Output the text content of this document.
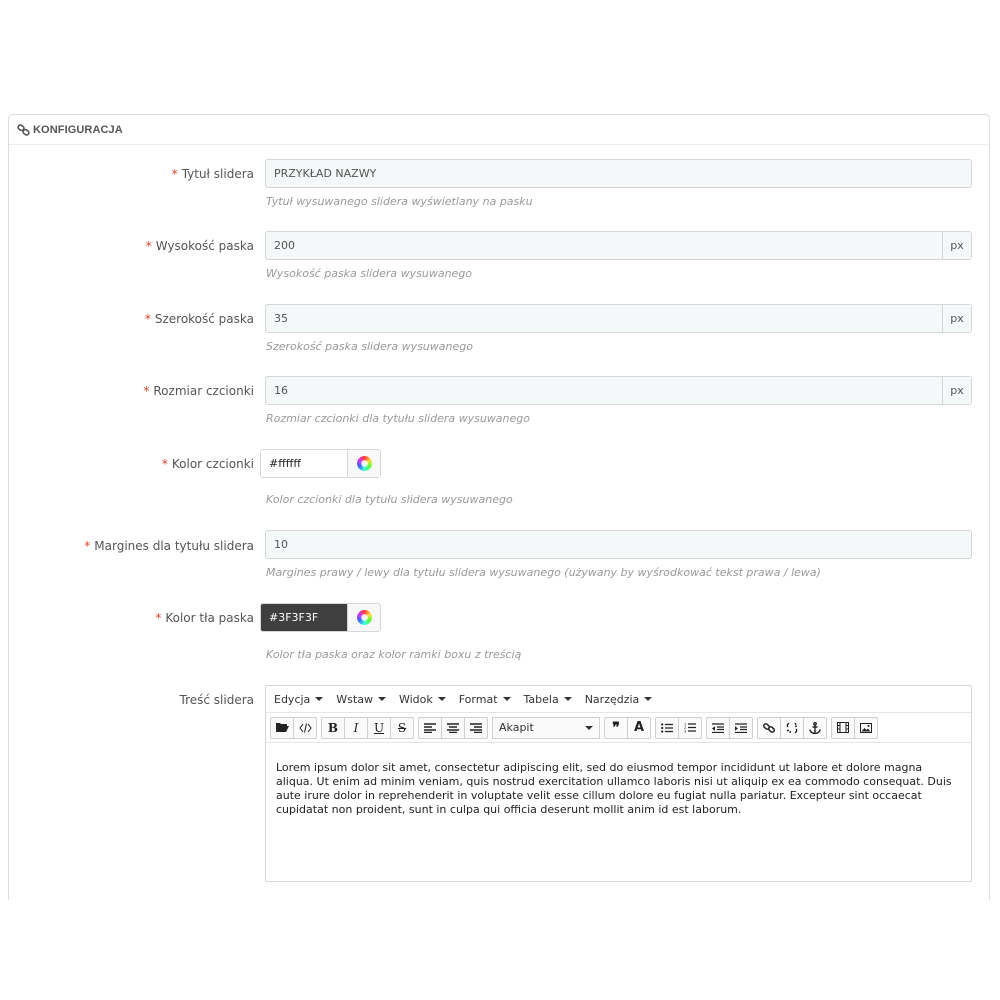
KONFIGURACJA
* Tytuł slidera
PRZYKŁAD NAZWY
Tytuł wysuwanego slidera wyświetlany na pasku
* Wysokość paska
200	px
Wysokość paska slidera wysuwanego
* Szerokość paska
35	px
Szerokość paska slidera wysuwanego
* Rozmiar czcionki
16	px
Rozmiar czcionki dla tytułu slidera wysuwanego
* Kolor czcionki
#ffffff
Kolor czcionki dla tytułu slidera wysuwanego
* Margines dla tytułu slidera
10
Margines prawy / lewy dla tytułu slidera wysuwanego (używany by wyśrodkować tekst prawa / lewa)
* Kolor tła paska
#3F3F3F
Kolor tła paska oraz kolor ramki boxu z treścią
Treść slidera Edycja Wstaw Widok Format Tabela Narzędzia
B	I	U	S	Akapit	❞	A	1
2
3
Lorem ipsum dolor sit amet, consectetur adipiscing elit, sed do eiusmod tempor incididunt ut labore et dolore magna aliqua. Ut enim ad minim veniam, quis nostrud exercitation ullamco laboris nisi ut aliquip ex ea commodo consequat. Duis aute irure dolor in reprehenderit in voluptate velit esse cillum dolore eu fugiat nulla pariatur. Excepteur sint occaecat cupidatat non proident, sunt in culpa qui officia deserunt mollit anim id est laborum.
